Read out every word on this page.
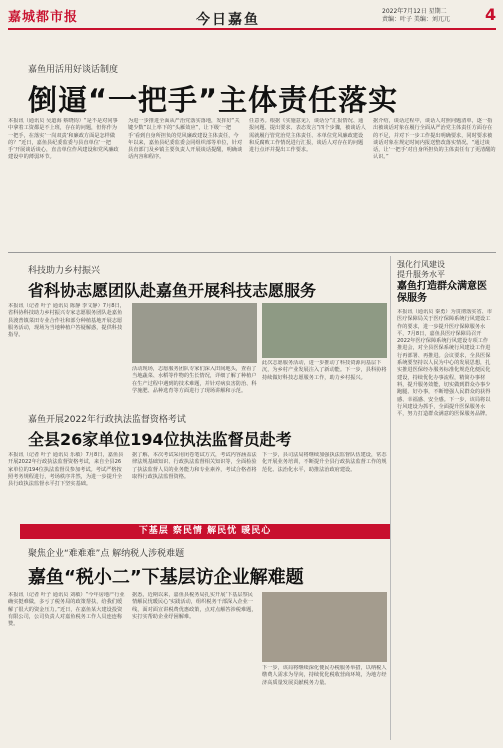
嘉城都市报	今日嘉鱼
2022年7月12日 星期二
责编：叶子 美编：刘兀兀 4
嘉鱼用活用好谈话制度
倒逼“一把手”主体责任落实
本报讯（通讯员 吴道海 蔡晓钧）“是不是对同事中拿着工资都是不上班，存在的问题，但你作为一把手，在落实‘一岗双责’和廉政方面是怎样做的？”近日，嘉鱼县纪委监委与县直单位‘一把手’开展谈话谈心，直击单位作风建设和党风廉政建设中的薄弱环节。
为进一步推进全面从严治党落实落地，发挥好“关键少数”以上率下的“头雁效应”，让下级‘一把手’看到自身所担负的党风廉政建设主体责任，今年以来，嘉鱼县纪委监委会同组织部等单位，针对县直部门及乡镇主要负责人开展谈话提醒，明确谈话内容和程序。
任意务。根据《实施意见》，谈话分“汇报情况、通报问题、提出要求、表态发言”四个步骤，被谈话人需就履行管党治党主体责任、本单位党风廉政建设和反腐败工作情况进行汇报，谈话人对存在的问题进行点评并提出工作要求。
据介绍，谈话过程中，谈话人对照问题清单，逐一指出被谈话对象在履行全面从严治党主体责任方面存在的不足，并对下一步工作提出明确要求，同时要求被谈话对象在规定时间内报送整改落实情况。“通过谈话，让‘一把手’对自身所担负的主体责任有了更清醒的认识。”
科技助力乡村振兴
省科协志愿团队赴嘉鱼开展科技志愿服务
本报讯（记者 叶子 通讯员 陈静 李文静）7月8日，省科协科技助力乡村振兴专家志愿服务团队赴嘉鱼县渡普镇菜田专业合作社和部分种植基地开展志愿服务活动，现场为当地种植户答疑解惑，提供科技指导。
活动现场，志愿服务团队专家们深入田间地头，查看了当地蔬菜、水稻等作物的生长情况，详细了解了种植户在生产过程中遇到的技术难题，并针对病虫害防治、科学施肥、品种选育等方面进行了现场讲解和示范。
此次志愿服务活动，进一步推动了科技资源向基层下沉，为乡村产业发展注入了新动能。下一步，县科协将持续做好科技志愿服务工作，助力乡村振兴。
嘉鱼开展2022年行政执法监督资格考试
全县26家单位194位执法监督员赴考
本报讯（记者 叶子 通讯员 乐敏）7月8日，嘉鱼县开展2022年行政执法监督资格考试，来自全县26家单位的194位执法监督员参加考试。考试严格按照考务规程进行，考场秩序井然，为进一步提升全县行政执法监督水平打下坚实基础。
据了解，本次考试采用闭卷笔试方式，考试内容涵盖法律法规基础知识、行政执法监督相关知识等，全面检验了执法监督人员的业务能力和专业素养，考试合格者将取得行政执法监督资格。
下一步，县司法局将继续加强执法监督队伍建设，常态化开展业务培训，不断提升全县行政执法监督工作的规范化、法治化水平，助推法治政府建设。
下基层 察民情 解民忧 暖民心
聚焦企业“难难难”点 解纳税人涉税难题
嘉鱼“税小二”下基层访企业解难题
本报讯（记者 叶子 通讯员 刘敏）“今年房地产行业确实挺难做，多亏了税务局的政策帮扶，给我们缓解了很大的资金压力。”近日，在嘉鱼某大建设投资有限公司，公司负责人对嘉鱼税务工作人员连连称赞。
据悉，近期以来，嘉鱼县税务局扎实开展‘下基层察民情解民忧暖民心’实践活动，组织税务干部深入企业一线，面对面宣讲税费优惠政策，点对点解答涉税难题，实打实帮助企业纾困解难。
下一步，该局将继续深化便民办税服务举措，以纳税人缴费人需求为导向，持续优化税收营商环境，为地方经济高质量发展贡献税务力量。
强化行风建设
提升服务水平
嘉鱼打造群众满意医保服务
本报讯（通讯员 秦勇）为贯彻落实省、市医疗保障局关于医疗保障系统行风建设工作的要求，进一步提升医疗保障服务水平，7月8日，嘉鱼县医疗保障局召开2022年医疗保障系统行风建设专项工作推进会，对全县医保系统行风建设工作进行再部署、再推进。会议要求，全县医保系统要坚持以人民为中心的发展思想，扎实推进医保经办服务标准化规范化便民化建设，持续优化办事流程，精简办事材料，提升服务效能，切实做到群众办事少跑腿、好办事，不断增强人民群众的获得感、幸福感、安全感。下一步，该局将以行风建设为抓手，全面提升医保服务水平，努力打造群众满意的医保服务品牌。
